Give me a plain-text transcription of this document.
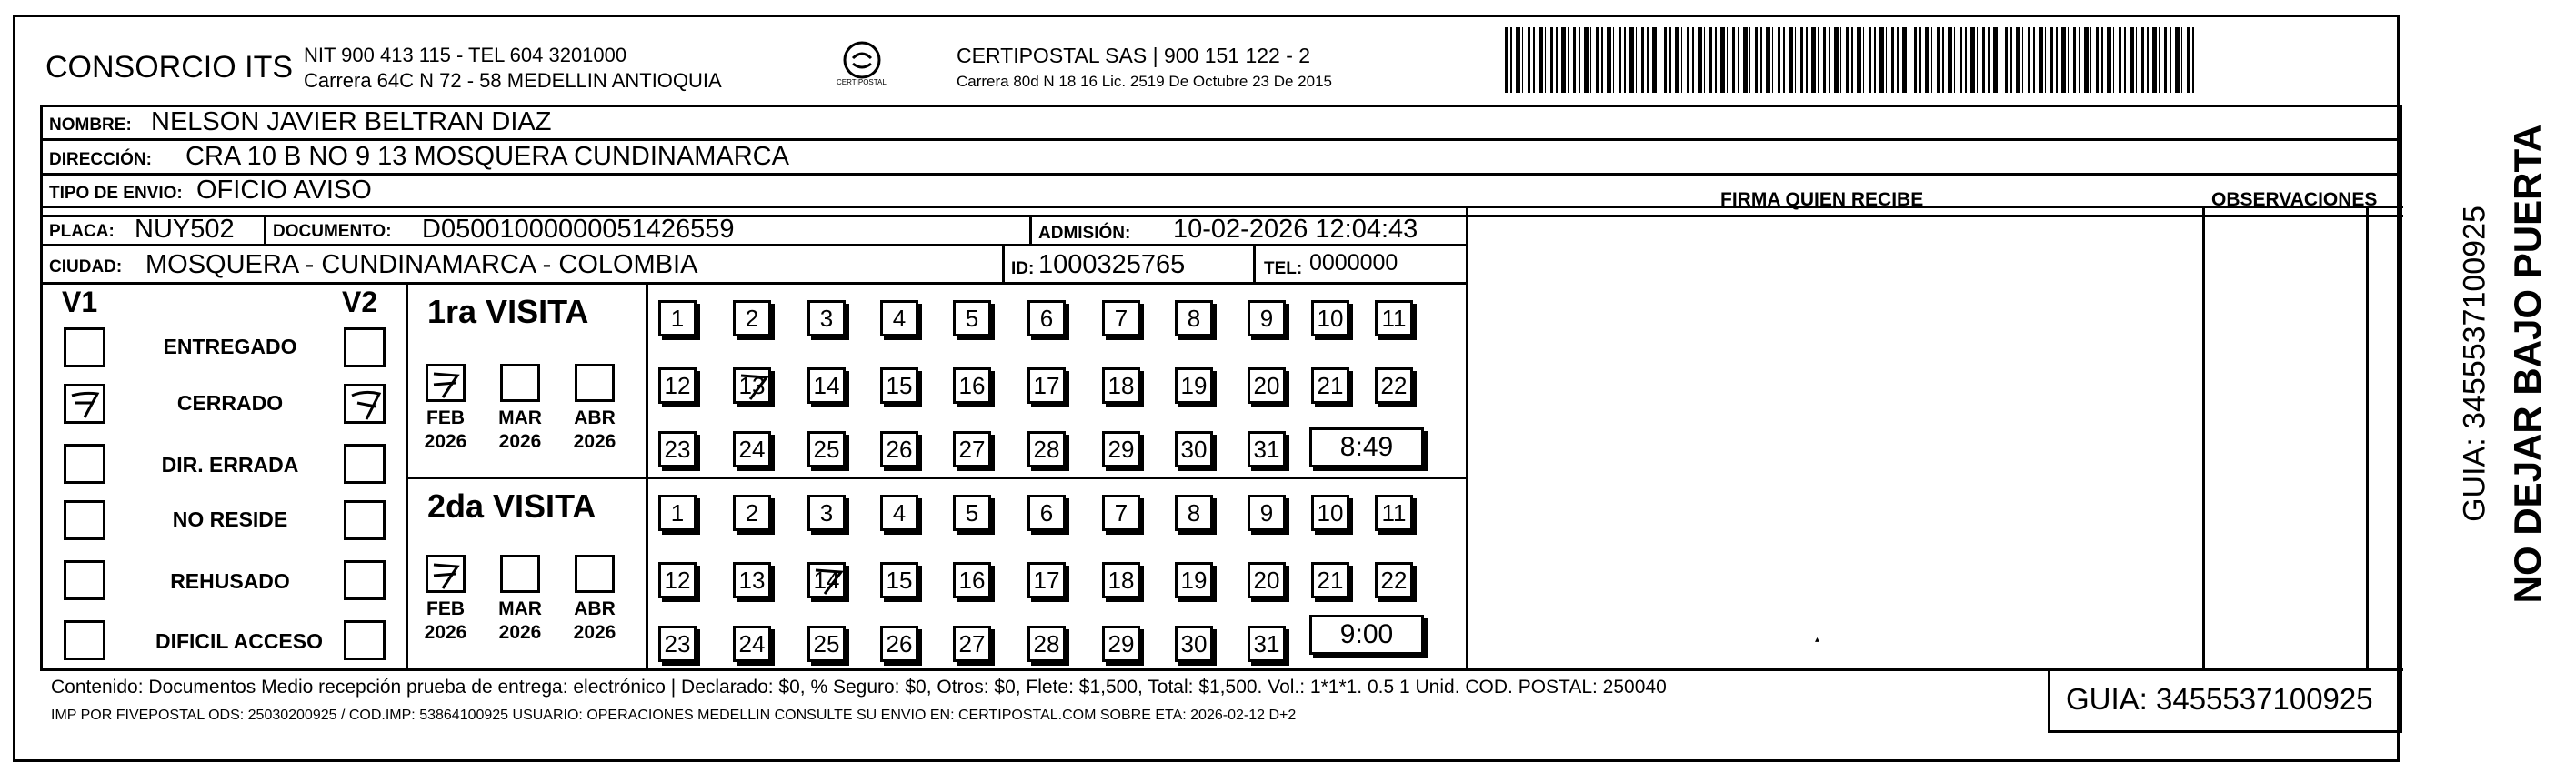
CONSORCIO ITS NIT 900 413 115 - TEL 604 3201000
Carrera 64C N 72 - 58 MEDELLIN ANTIOQUIA	CERTIPOSTAL
CERTIPOSTAL SAS | 900 151 122 - 2
Carrera 80d N 18 16 Lic. 2519 De Octubre 23 De 2015
NOMBRE: NELSON JAVIER BELTRAN DIAZ
DIRECCIÓN: CRA 10 B NO 9 13 MOSQUERA CUNDINAMARCA
TIPO DE ENVIO: OFICIO AVISO
PLACA: NUY502 DOCUMENTO: D05001000000051426559	ADMISIÓN: 10-02-2026 12:04:43
CIUDAD: MOSQUERA - CUNDINAMARCA - COLOMBIA	ID: 1000325765	TEL: 0000000
FIRMA QUIEN RECIBE	OBSERVACIONES
V1	V2
ENTREGADO
CERRADO
DIR. ERRADA
NO RESIDE
REHUSADO
DIFICIL ACCESO
1ra VISITA
2da VISITA
FEB	MAR	ABR
2026	2026	2026
FEB	MAR	ABR
2026	2026	2026
1	2	3	4	5	6	7	8	9	10 11
12 13 14 15 16 17 18 19 20 21 22
23 24 25 26 27 28 29 30 31
1	2	3	4	5	6	7	8	9	10 11
12 13 14 15 16 17 18 19 20 21 22
23 24 25 26 27 28 29 30 31
8:49
9:00
Contenido: Documentos Medio recepción prueba de entrega: electrónico | Declarado: $0, % Seguro: $0, Otros: $0, Flete: $1,500, Total: $1,500. Vol.: 1*1*1. 0.5 1 Unid. COD. POSTAL: 250040
IMP POR FIVEPOSTAL ODS: 25030200925 / COD.IMP: 53864100925 USUARIO: OPERACIONES MEDELLIN CONSULTE SU ENVIO EN: CERTIPOSTAL.COM SOBRE ETA: 2026-02-12 D+2	GUIA: 3455537100925
NO DEJAR BAJO PUERTA
GUIA: 3455537100925
▴
